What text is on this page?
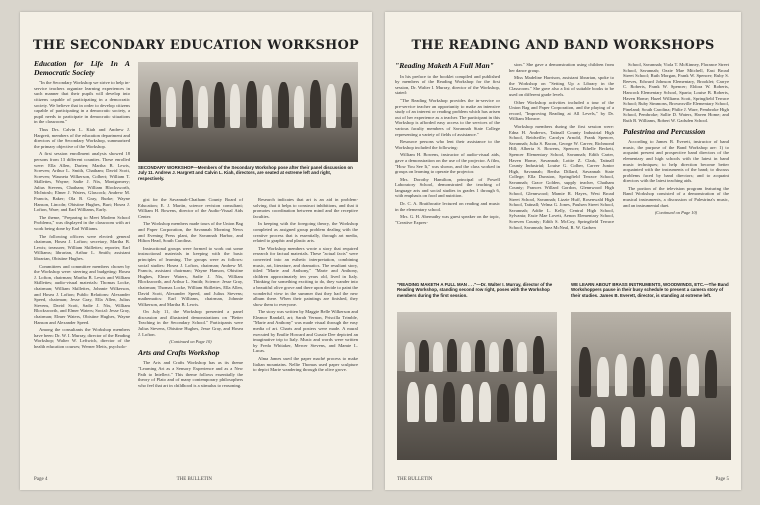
THE SECONDARY EDUCATION WORKSHOP
Education for Life In A Democratic Society

"In the Secondary Workshop we strive to help in-service teachers organize learning experiences in such manner that their pupils will develop into citizens capable of participating in a democratic society. We believe that in order to develop citizens capable of participating in a democratic society, a pupil needs to participate in democratic situations in the classroom."

Thus Drs. Calvin L. Kiah and Andrew J. Hargrett, members of the education department and directors of the Secondary Workshop, summarized the primary objective of the Workshop.

A first session enrollment analysis showed 18 persons from 13 different counties. These enrolled were: Ella Allen, Darien; Martha B. Lewis, Screven; Arthur L. Smith, Chatham; David Scott, Screven; Wauneta Wilkerson, Colbert; William T. Skillettes, Wayne; Sadie J. Nix, Montgomery; Julius Stevens, Chatham; William Blocksworth, McIntosh; Elmer J. Waters, Glascock; Andrew M. Francis, Baker; Ola B. Gray, Burke; Wayne Hanson, Lincoln; Obistine Hughes, Burt; Hosea J. Lofton, Ware; and Earl Williams, Early.

The theme, "Preparing to Meet Modern School Problems," was displayed in the classroom with art work being done by Earl Williams.

The following officers were elected: general chairman, Hosea J. Lofton; secretary, Martha B. Lewis; treasurer, William Skillettes; reporter, Earl Williams; librarian, Arthur L. Smith; assistant librarian, Obistine Hughes.

Committees and committee members chosen by the Workshop were: steering and budgeting: Hosea J. Lofton, chairman; Martha B. Lewis and William Skillettes; audio-visual materials: Thomas Locke, chairman; William Skillettes, Johnnie Wilkerson, and Hosea J. Lofton; Public Relations: Alexander Speed, chairman; Jesse Gray, Ella Allen, Julius Stevens, David Scott, Sadie J. Nix, William Blocksworth, and Elmer Waters; Social: Jesse Gray, chairman; Elmer Waters, Obistine Hughes, Wayne Hanson and Alexander Speed.

Among the consultants the Workshop members have been: Dr. W. I. Murray, director of the Reading Workshop; Walter W. Leftwich, director of the health education courses; Werner Metts, psycholo-

SECONDARY WORKSHOP—Members of the Secondary Workshop pose after their panel discussion on July 11. Andrew J. Hargrett and Calvin L. Kiah, directors, are seated at extreme left and right, respectively.

gist for the Savannah-Chatham County Board of Education; E. J. Martin, science revision consultant; William H. Bowens, director of the Audio-Visual Aids Center.

The Workshop members made tours of the Union Bag and Paper Corporation, the Savannah Morning News and Evening Press plant, the Savannah Harbor, and Hilton Head, South Carolina.

Instructional groups were formed to work out some instructional materials in keeping with the basic principles of learning. The groups were as follows: social studies: Hosea J. Lofton, chairman; Andrew M. Francis, assistant chairman; Wayne Hanson, Obistine Hughes, Elmer Waters, Sadie J. Nix, William Blocksworth, and Arthur L. Smith; Science: Jesse Gray, chairman; Thomas Locke, William Skillettes, Ella Allen, David Scott, Alexander Speed, and Julius Stevens; mathematics: Earl Williams, chairman, Johnnie Wilkerson, and Martha B. Lewis.

On July 11, the Workshop presented a panel discussion and illustrated demonstrations on "Better Teaching in the Secondary School." Participants were Julius Stevens, Obistine Hughes, Jesse Gray, and Hosea J. Lofton.

(Continued on Page 10)
Arts and Crafts Workshop

The Arts and Crafts Workshop has as its theme "Learning Art as a Sensory Experience and as a New Path to Intellect." This theme follows essentially the theory of Plato and of many contemporary philosophers who feel that art in childhood is a stimulus to reasoning.

Research indicates that art is an aid in problem-solving, that it helps to construct inhibitions, and that it promotes coordination between mind and the receptive faculties.

In keeping with the foregoing theory, the Workshop completed as assigned group problem dealing with the creative process that is essentially, through art media, related to graphic and plastic arts.

The Workshop members wrote a story that required research for factual materials. These "actual facts" were converted into an esthetic interpretation, combining music, art, literature, and dramatics. The resultant story, titled "Marie and Anthony," "Marie and Anthony, children approximately ten years old, lived in Italy. Thinking for something exciting to do, they wander into a beautiful olive grove and there upon decide to paint the wonderful view in the summer that they had the new album there. When their paintings are finished, they show them to everyone.

The story was written by Maggie Belle Wilkerson and Eleanor Randall, art; Sarah Vernon, Priscilla Trimble, "Marie and Anthony" was made visual through the easy media of art. Charts and posters were made. A mural executed by Emilie Howard and Gussie Dee depicted an imaginative trip to Italy. Music and words were written by Freda Whitaker, Mercer Stevens, and Mamie L. Lucas.

Alma James used the paper maché process to make Italian mountains. Nellie Thomas used paper sculpture to depict Marie wandering through the olive grove.

Page 4	THE BULLETIN
THE READING AND BAND WORKSHOPS
"Reading Maketh A Full Man"

In his preface to the booklet compiled and published by members of the Reading Workshop for the first session, Dr. Walter I. Murray, director of the Workshop, stated:

"The Reading Workshop provides the in-service or pre-service teacher an opportunity to make an intensive study of an interest or reading problem which has arisen out of her experience as a teacher. The participant in this Workshop is afforded easy access to the services of the various faculty members of Savannah State College representing a variety of fields of assistance."

Resource persons who lent their assistance to the Workshop included the following:

William H. Bowens, instructor of audio-visual aids, gave a demonstration on the use of the projector. A film, "How You See It," was shown, and the class worked in groups on learning to operate the projector.

Mrs. Dorothy Hamilton, principal of Powell Laboratory School, demonstrated the teaching of language arts and social studies in grades 1 through 6, with emphasis on food and nutrition.

Dr. C. A. Braithwaite lectured on reading and music in the elementary school.

Mrs. G. H. Abernathy was guest speaker on the topic, "Creative Expres-

sion." She gave a demonstration using children from her dance group.

Miss Madeline Harrison, assistant librarian, spoke to the Workshop on "Setting Up a Library in the Classroom." She gave also a list of suitable books to be used on different grade levels.

Other Workshop activities included a tour of the Union Bag and Paper Corporation, and the playing of a record, "Improving Reading at All Levels," by Dr. William Monroe.

Workshop members during the first session were: Edna H. Andrews, Tattnall County Industrial High School, Reidsville; Carolyn Arnold, Frank Spencer, Savannah; Julia S. Bacon, George W. Carver, Richmond Hill; Alberta S. Bowens, Spencer; Ethelle Beckett, Spencer Elementary School, Savannah; Edith Carter, Haven Home, Savannah; Lottie Z. Clark, Tattnall County Industrial; Louise G. Colber, Carver Junior High, Savannah; Bertha Dillard, Savannah State College; Ella Dunston, Springfield Terrace School, Savannah; Grace Golden, supply teacher, Chatham County; Frances Willard Gordon, Glennwood High School, Glennwood; Mamie R. Hayes, West Broad Street School, Savannah; Lizzie Huff, Rosenwald High School, Tattnall; Velma G. Jones, Paulsen Street School, Savannah; Addie L. Kelly, Central High School, Sylvania; Essie Mae Lovett, Aenon Elementary School, Screven County; Edith S. McCoy, Springfield Terrace School, Savannah; Inez McNeal, R. W. Gadsen

School, Savannah; Viola T. McKinney, Florance Street School, Savannah; Ozzie Mae Mitchell, East Broad Street School; Ruth Morgan, Frank W. Spencer; Ruby S. Reeves, Edward Johnson Elementary, Brooklet; Carrye C. Roberts, Frank W. Spencer; Eldora W. Roberts, Hancock Elementary School, Sparta; Louise B. Roberts, Haven Home; Hazel Williams Scott, Springfield Terrace School; Ruby Simmons, Brownsville Elementary School, Pineland; South Carolina; Philie J. Ware, Pembroke High School, Pembroke; Sallie D. Waters, Haven Home; and Ruth B. Williams, Robert W. Gadsden School.

Palestrina and Percussion

According to James B. Everett, instructor of band music, the purpose of the Band Workshop are: 1) to acquaint present and prospective band directors of the elementary and high schools with the latest in band music techniques; to help direction become better acquainted with the instruments of the band; to discuss problems faced by band directors; and to acquaint directors with the latest teaching aids.

The portion of the television program featuring the Band Workshop consisted of a demonstration of the musical instruments, a discussion of Palestrina's music, and an instrumental duet.

(Continued on Page 10)
"READING MAKETH A FULL MAN . . ."—Dr. Walter I. Murray, director of the Reading Workshop, standing second row right, poses with the Workshop members during the first session.
WE LEARN ABOUT BRASS INSTRUMENTS, WOODWINDS, ETC.—The Band Workshoppers pause in their busy schedule to present a camera story of their studies. James B. Everett, director, is standing at extreme left.
THE BULLETIN	Page 5
